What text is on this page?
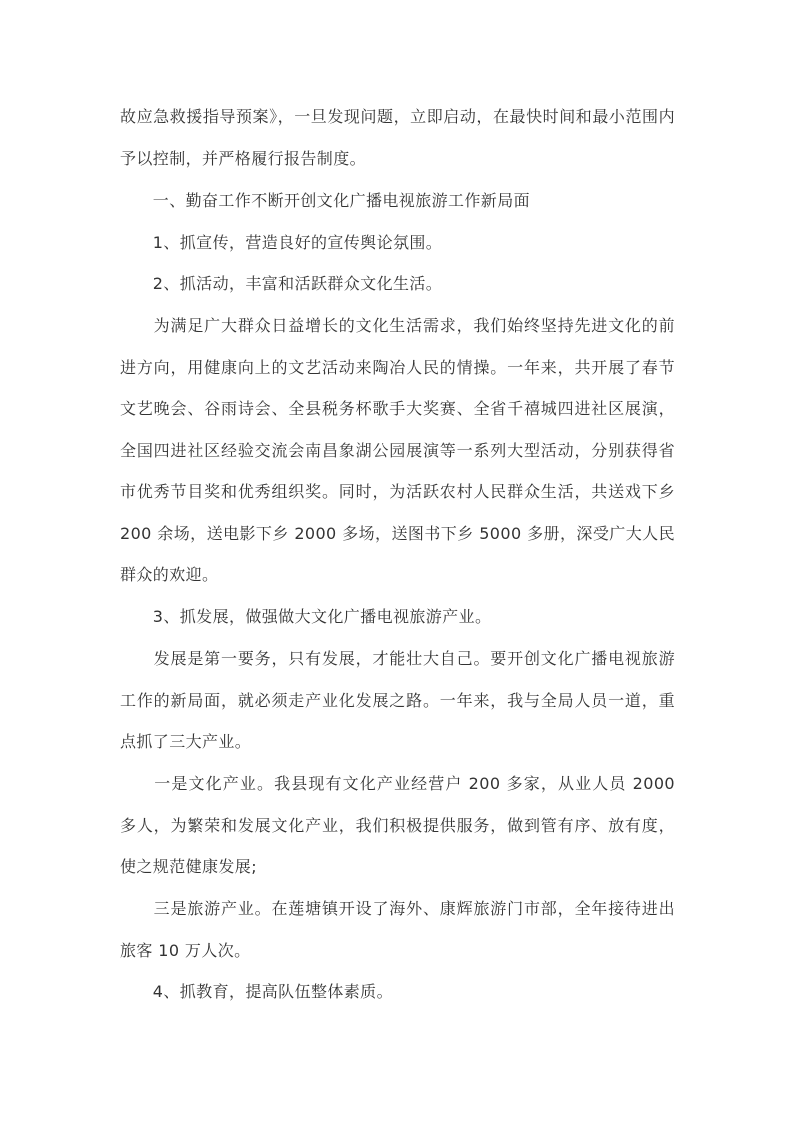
故应急救援指导预案》，一旦发现问题，立即启动，在最快时间和最小范围内予以控制，并严格履行报告制度。

　　一、勤奋工作不断开创文化广播电视旅游工作新局面

　　1、抓宣传，营造良好的宣传舆论氛围。

　　2、抓活动，丰富和活跃群众文化生活。

　　为满足广大群众日益增长的文化生活需求，我们始终坚持先进文化的前进方向，用健康向上的文艺活动来陶冶人民的情操。一年来，共开展了春节文艺晚会、谷雨诗会、全县税务杯歌手大奖赛、全省千禧城四进社区展演，全国四进社区经验交流会南昌象湖公园展演等一系列大型活动，分别获得省市优秀节目奖和优秀组织奖。同时，为活跃农村人民群众生活，共送戏下乡 200 余场，送电影下乡 2000 多场，送图书下乡 5000 多册，深受广大人民群众的欢迎。

　　3、抓发展，做强做大文化广播电视旅游产业。

　　发展是第一要务，只有发展，才能壮大自己。要开创文化广播电视旅游工作的新局面，就必须走产业化发展之路。一年来，我与全局人员一道，重点抓了三大产业。

　　一是文化产业。我县现有文化产业经营户 200 多家，从业人员 2000 多人，为繁荣和发展文化产业，我们积极提供服务，做到管有序、放有度，使之规范健康发展;

　　三是旅游产业。在莲塘镇开设了海外、康辉旅游门市部，全年接待进出旅客 10 万人次。

　　4、抓教育，提高队伍整体素质。
